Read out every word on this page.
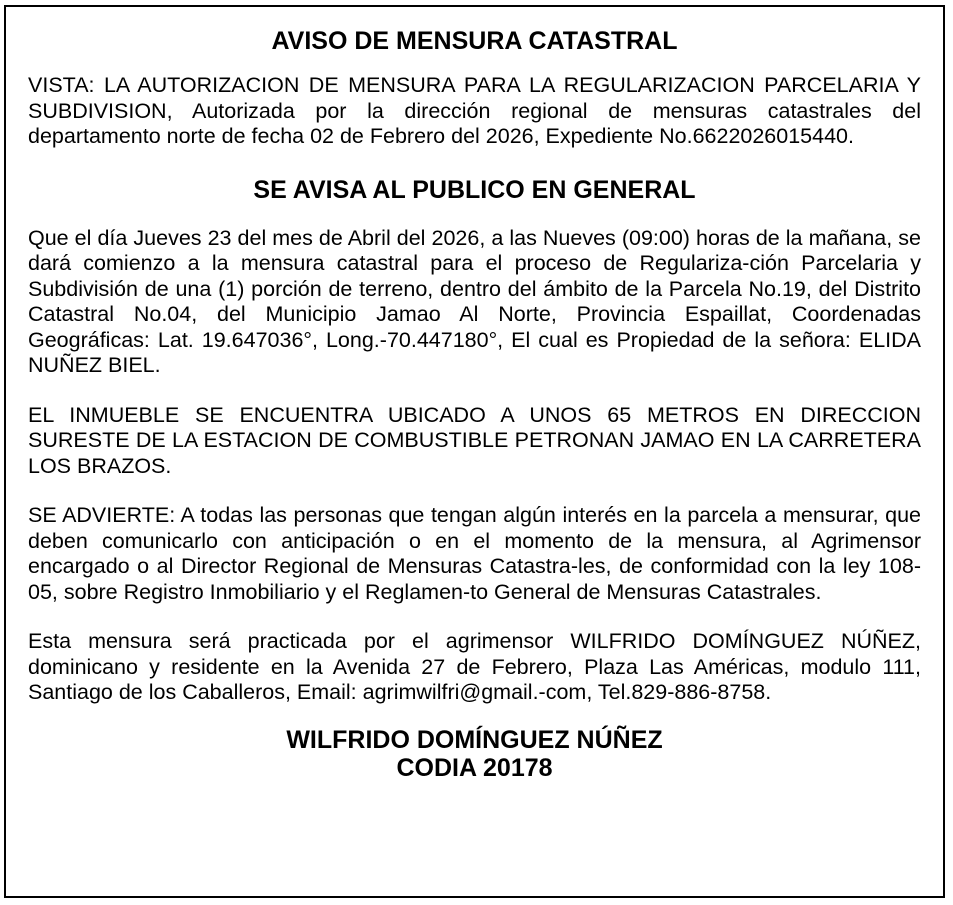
AVISO DE MENSURA CATASTRAL

VISTA: LA AUTORIZACION DE MENSURA PARA LA REGULARIZACION PARCELARIA Y SUBDIVISION, Autorizada por la dirección regional de mensuras catastrales del departamento norte de fecha 02 de Febrero del 2026, Expediente No.6622026015440.

SE AVISA AL PUBLICO EN GENERAL

Que el día Jueves 23 del mes de Abril del 2026, a las Nueves (09:00) horas de la mañana, se dará comienzo a la mensura catastral para el proceso de Regulariza-ción Parcelaria y Subdivisión de una (1) porción de terreno, dentro del ámbito de la Parcela No.19, del Distrito Catastral No.04, del Municipio Jamao Al Norte, Provincia Espaillat, Coordenadas Geográficas: Lat. 19.647036°, Long.-70.447180°, El cual es Propiedad de la señora: ELIDA NUÑEZ BIEL.

EL INMUEBLE SE ENCUENTRA UBICADO A UNOS 65 METROS EN DIRECCION SURESTE DE LA ESTACION DE COMBUSTIBLE PETRONAN JAMAO EN LA CARRETERA LOS BRAZOS.

SE ADVIERTE: A todas las personas que tengan algún interés en la parcela a mensurar, que deben comunicarlo con anticipación o en el momento de la mensura, al Agrimensor encargado o al Director Regional de Mensuras Catastra-les, de conformidad con la ley 108-05, sobre Registro Inmobiliario y el Reglamen-to General de Mensuras Catastrales.

Esta mensura será practicada por el agrimensor WILFRIDO DOMÍNGUEZ NÚÑEZ, dominicano y residente en la Avenida 27 de Febrero, Plaza Las Américas, modulo 111, Santiago de los Caballeros, Email: agrimwilfri@gmail.-com, Tel.829-886-8758.

WILFRIDO DOMÍNGUEZ NÚÑEZ
CODIA 20178
